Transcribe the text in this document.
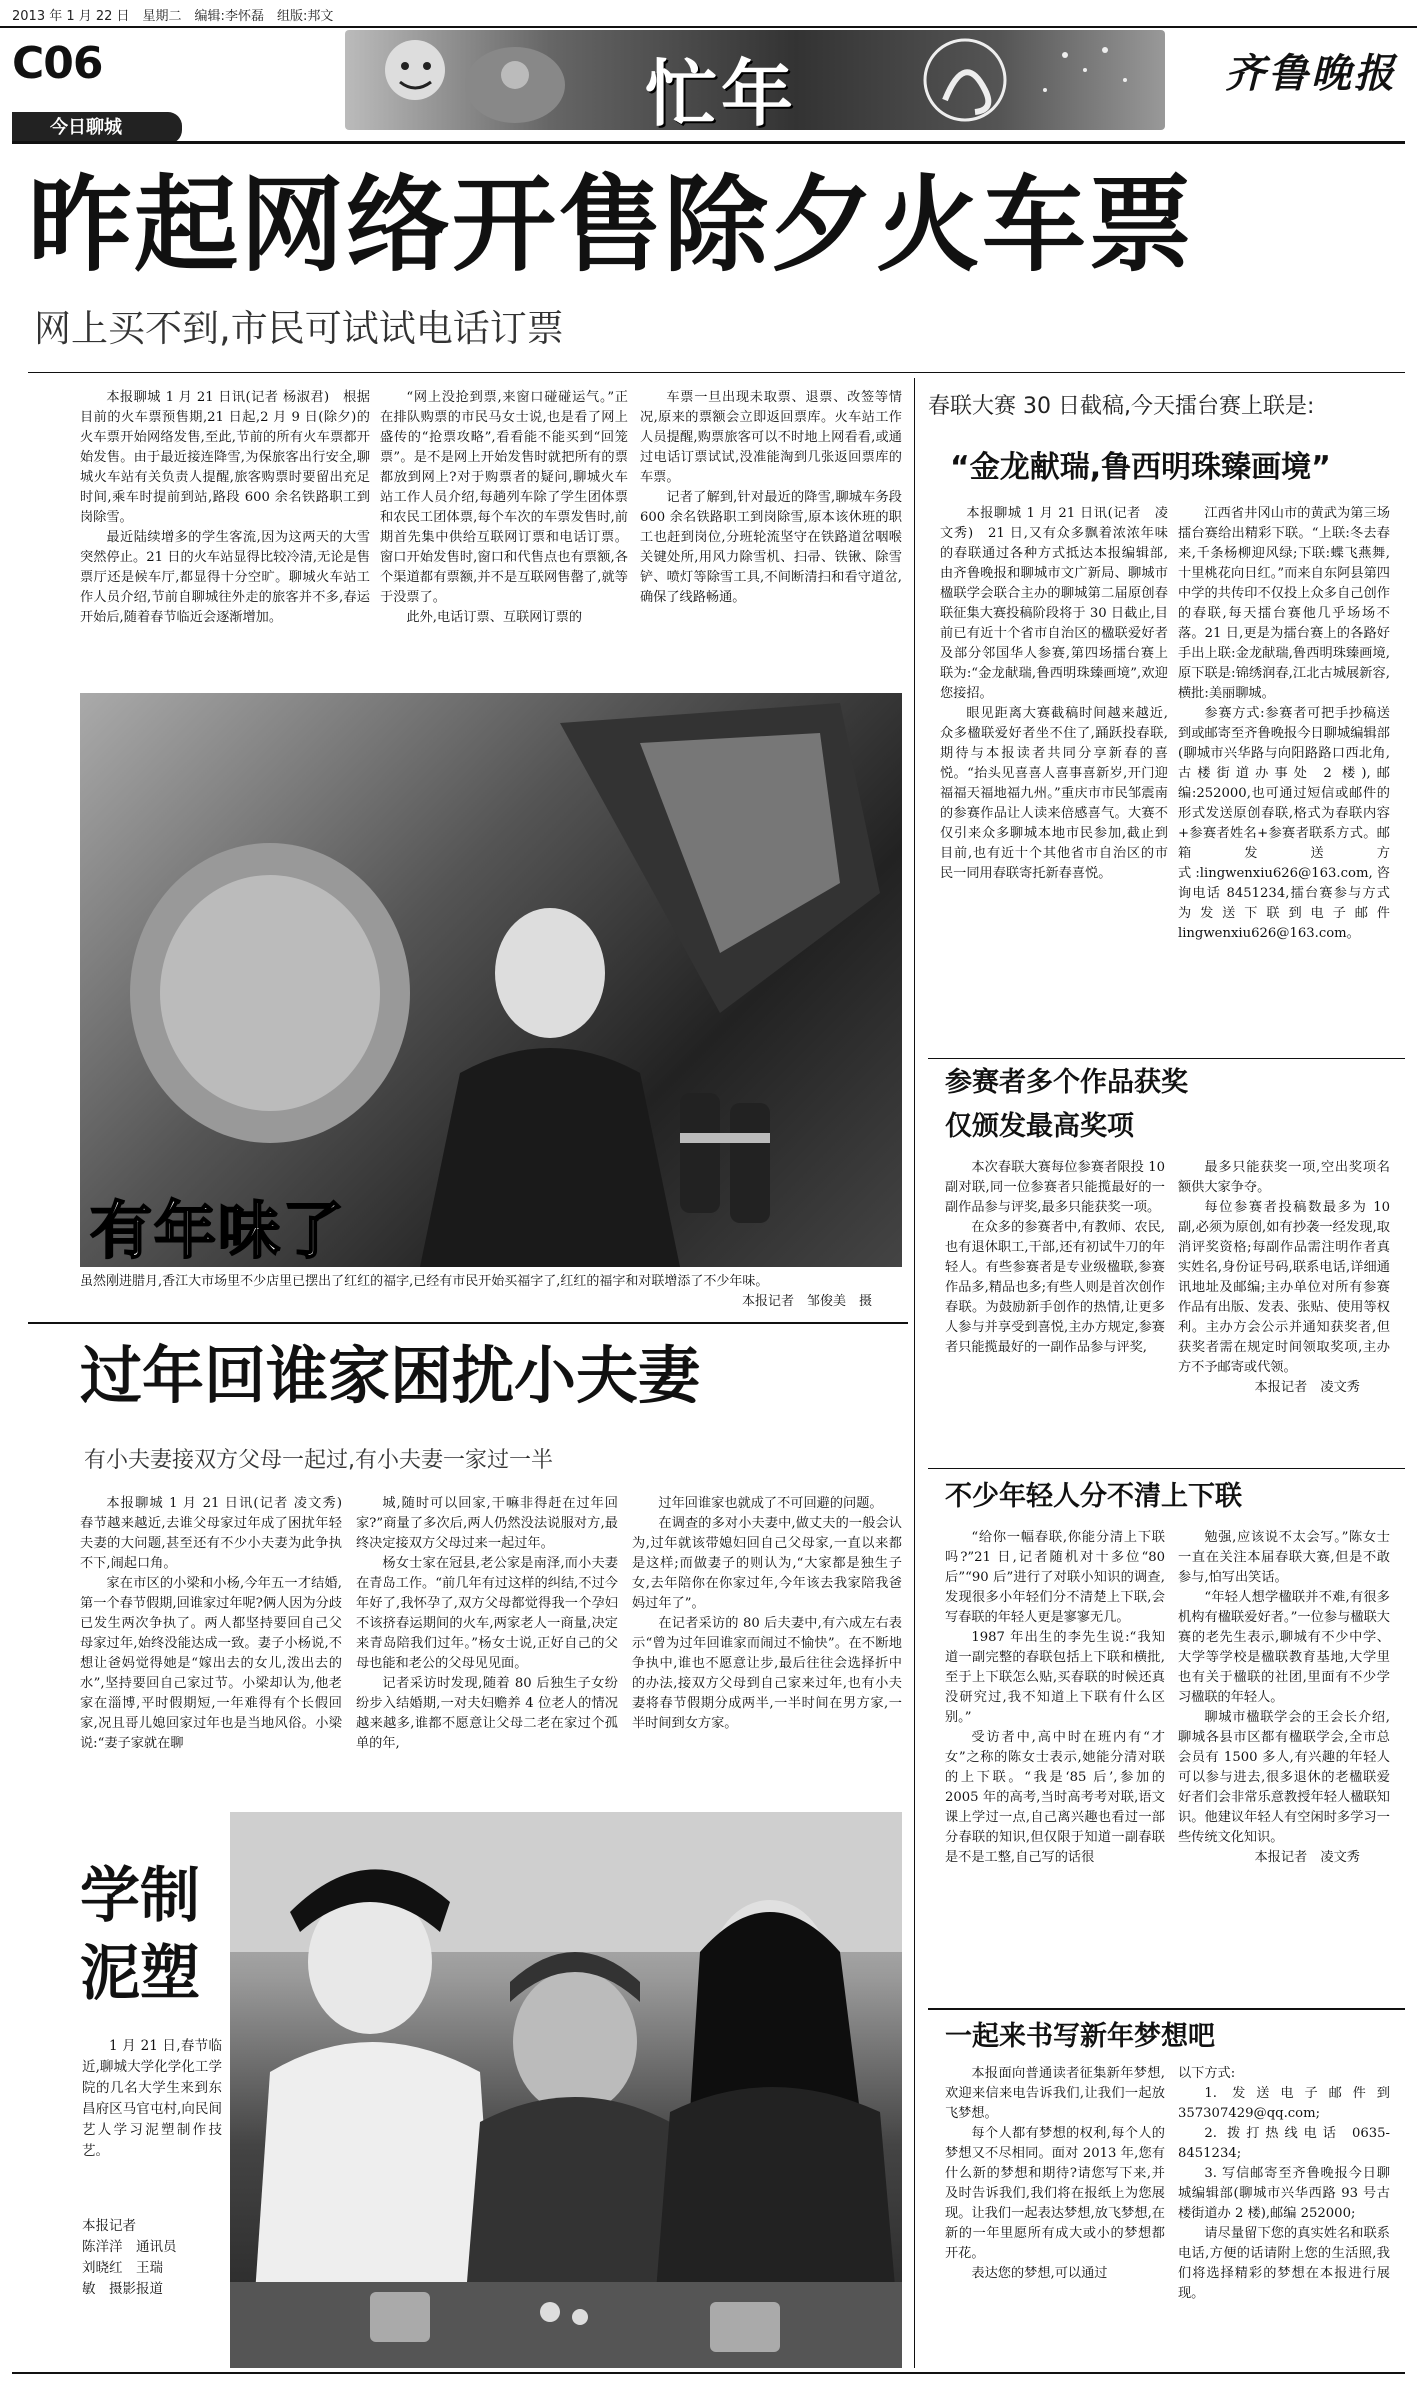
2013 年 1 月 22 日　星期二　编辑:李怀磊　组版:邦文
C06	忙年	齐鲁晚报
今日聊城
昨起网络开售除夕火车票
网上买不到,市民可试试电话订票

本报聊城 1 月 21 日讯(记者 杨淑君)　根据目前的火车票预售期,21 日起,2 月 9 日(除夕)的火车票开始网络发售,至此,节前的所有火车票都开始发售。由于最近接连降雪,为保旅客出行安全,聊城火车站有关负责人提醒,旅客购票时要留出充足时间,乘车时提前到站,路段 600 余名铁路职工到岗除雪。

最近陆续增多的学生客流,因为这两天的大雪突然停止。21 日的火车站显得比较冷清,无论是售票厅还是候车厅,都显得十分空旷。聊城火车站工作人员介绍,节前自聊城往外走的旅客并不多,春运开始后,随着春节临近会逐渐增加。

“网上没抢到票,来窗口碰碰运气。”正在排队购票的市民马女士说,也是看了网上盛传的“抢票攻略”,看看能不能买到“回笼票”。是不是网上开始发售时就把所有的票都放到网上?对于购票者的疑问,聊城火车站工作人员介绍,每趟列车除了学生团体票和农民工团体票,每个车次的车票发售时,前期首先集中供给互联网订票和电话订票。窗口开始发售时,窗口和代售点也有票额,各个渠道都有票额,并不是互联网售罄了,就等于没票了。

此外,电话订票、互联网订票的

车票一旦出现未取票、退票、改签等情况,原来的票额会立即返回票库。火车站工作人员提醒,购票旅客可以不时地上网看看,或通过电话订票试试,没准能淘到几张返回票库的车票。

记者了解到,针对最近的降雪,聊城车务段 600 余名铁路职工到岗除雪,原本该休班的职工也赶到岗位,分班轮流坚守在铁路道岔咽喉关键处所,用风力除雪机、扫帚、铁锹、除雪铲、喷灯等除雪工具,不间断清扫和看守道岔,确保了线路畅通。

有年味了
虽然刚进腊月,香江大市场里不少店里已摆出了红红的福字,已经有市民开始买福字了,红红的福字和对联增添了不少年味。
本报记者　邹俊美　摄
过年回谁家困扰小夫妻
有小夫妻接双方父母一起过,有小夫妻一家过一半

本报聊城 1 月 21 日讯(记者 凌文秀)　春节越来越近,去谁父母家过年成了困扰年轻夫妻的大问题,甚至还有不少小夫妻为此争执不下,闹起口角。

家在市区的小梁和小杨,今年五一才结婚,第一个春节假期,回谁家过年呢?俩人因为分歧已发生两次争执了。两人都坚持要回自己父母家过年,始终没能达成一致。妻子小杨说,不想让爸妈觉得她是“嫁出去的女儿,泼出去的水”,坚持要回自己家过节。小梁却认为,他老家在淄博,平时假期短,一年难得有个长假回家,况且哥儿媳回家过年也是当地风俗。小梁说:“妻子家就在聊

城,随时可以回家,干嘛非得赶在过年回家?”商量了多次后,两人仍然没法说服对方,最终决定接双方父母过来一起过年。

杨女士家在冠县,老公家是南泽,而小夫妻在青岛工作。“前几年有过这样的纠结,不过今年好了,我怀孕了,双方父母都觉得我一个孕妇不该挤春运期间的火车,两家老人一商量,决定来青岛陪我们过年。”杨女士说,正好自己的父母也能和老公的父母见见面。

记者采访时发现,随着 80 后独生子女纷纷步入结婚期,一对夫妇赡养 4 位老人的情况越来越多,谁都不愿意让父母二老在家过个孤单的年,

过年回谁家也就成了不可回避的问题。

在调查的多对小夫妻中,做丈夫的一般会认为,过年就该带媳妇回自己父母家,一直以来都是这样;而做妻子的则认为,“大家都是独生子女,去年陪你在你家过年,今年该去我家陪我爸妈过年了”。

在记者采访的 80 后夫妻中,有六成左右表示“曾为过年回谁家而闹过不愉快”。在不断地争执中,谁也不愿意让步,最后往往会选择折中的办法,接双方父母到自己家来过年,也有小夫妻将春节假期分成两半,一半时间在男方家,一半时间到女方家。

学制
泥塑

1 月 21 日,春节临近,聊城大学化学化工学院的几名大学生来到东昌府区马官屯村,向民间艺人学习泥塑制作技艺。

本报记者
陈洋洋　通讯员
刘晓红　王瑞
敏　摄影报道
春联大赛 30 日截稿,今天擂台赛上联是:
“金龙献瑞,鲁西明珠臻画境”

本报聊城 1 月 21 日讯(记者　凌文秀)　21 日,又有众多飘着浓浓年味的春联通过各种方式抵达本报编辑部,由齐鲁晚报和聊城市文广新局、聊城市楹联学会联合主办的聊城第二届原创春联征集大赛投稿阶段将于 30 日截止,目前已有近十个省市自治区的楹联爱好者及部分邻国华人参赛,第四场擂台赛上联为:“金龙献瑞,鲁西明珠臻画境”,欢迎您接招。

眼见距离大赛截稿时间越来越近,众多楹联爱好者坐不住了,踊跃投春联,期待与本报读者共同分享新春的喜悦。“抬头见喜喜人喜事喜新岁,开门迎福福天福地福九州。”重庆市市民邹震南的参赛作品让人读来倍感喜气。大赛不仅引来众多聊城本地市民参加,截止到目前,也有近十个其他省市自治区的市民一同用春联寄托新春喜悦。

江西省井冈山市的黄武为第三场擂台赛给出精彩下联。“上联:冬去春来,千条杨柳迎风绿;下联:蝶飞燕舞,十里桃花向日红。”而来自东阿县第四中学的共传印不仅投上众多自己创作的春联,每天擂台赛他几乎场场不落。21 日,更是为擂台赛上的各路好手出上联:金龙献瑞,鲁西明珠臻画境,原下联是:锦绣润春,江北古城展新容,横批:美丽聊城。

参赛方式:参赛者可把手抄稿送到或邮寄至齐鲁晚报今日聊城编辑部(聊城市兴华路与向阳路路口西北角,古楼街道办事处 2 楼),邮编:252000,也可通过短信或邮件的形式发送原创春联,格式为春联内容+参赛者姓名+参赛者联系方式。邮箱发送方式:lingwenxiu626@163.com,咨询电话 8451234,擂台赛参与方式为发送下联到电子邮件 lingwenxiu626@163.com。

参赛者多个作品获奖
仅颁发最高奖项

本次春联大赛每位参赛者限投 10 副对联,同一位参赛者只能揽最好的一副作品参与评奖,最多只能获奖一项。

在众多的参赛者中,有教师、农民,也有退休职工,干部,还有初试牛刀的年轻人。有些参赛者是专业级楹联,参赛作品多,精品也多;有些人则是首次创作春联。为鼓励新手创作的热情,让更多人参与并享受到喜悦,主办方规定,参赛者只能揽最好的一副作品参与评奖,

最多只能获奖一项,空出奖项名额供大家争夺。

每位参赛者投稿数最多为 10 副,必须为原创,如有抄袭一经发现,取消评奖资格;每副作品需注明作者真实姓名,身份证号码,联系电话,详细通讯地址及邮编;主办单位对所有参赛作品有出版、发表、张贴、使用等权利。主办方会公示并通知获奖者,但获奖者需在规定时间领取奖项,主办方不予邮寄或代领。

本报记者　凌文秀

不少年轻人分不清上下联

“给你一幅春联,你能分清上下联吗?”21 日,记者随机对十多位“80 后”“90 后”进行了对联小知识的调查,发现很多小年轻们分不清楚上下联,会写春联的年轻人更是寥寥无几。

1987 年出生的李先生说:“我知道一副完整的春联包括上下联和横批,至于上下联怎么贴,买春联的时候还真没研究过,我不知道上下联有什么区别。”

受访者中,高中时在班内有“才女”之称的陈女士表示,她能分清对联的上下联。“我是‘85 后’,参加的 2005 年的高考,当时高考考对联,语文课上学过一点,自己离兴趣也看过一部分春联的知识,但仅限于知道一副春联是不是工整,自己写的话很

勉强,应该说不太会写。”陈女士一直在关注本届春联大赛,但是不敢参与,怕写出笑话。

“年轻人想学楹联并不难,有很多机构有楹联爱好者。”一位参与楹联大赛的老先生表示,聊城有不少中学、大学等学校是楹联教育基地,大学里也有关于楹联的社团,里面有不少学习楹联的年轻人。

聊城市楹联学会的王会长介绍,聊城各县市区都有楹联学会,全市总会员有 1500 多人,有兴趣的年轻人可以参与进去,很多退休的老楹联爱好者们会非常乐意教授年轻人楹联知识。他建议年轻人有空闲时多学习一些传统文化知识。

本报记者　凌文秀

一起来书写新年梦想吧

本报面向普通读者征集新年梦想,欢迎来信来电告诉我们,让我们一起放飞梦想。

每个人都有梦想的权利,每个人的梦想又不尽相同。面对 2013 年,您有什么新的梦想和期待?请您写下来,并及时告诉我们,我们将在报纸上为您展现。让我们一起表达梦想,放飞梦想,在新的一年里愿所有成大或小的梦想都开花。

表达您的梦想,可以通过

以下方式:

1. 发送电子邮件到 357307429@qq.com;

2. 拨打热线电话 0635-8451234;

3. 写信邮寄至齐鲁晚报今日聊城编辑部(聊城市兴华西路 93 号古楼街道办 2 楼),邮编 252000;

请尽量留下您的真实姓名和联系电话,方便的话请附上您的生活照,我们将选择精彩的梦想在本报进行展现。
